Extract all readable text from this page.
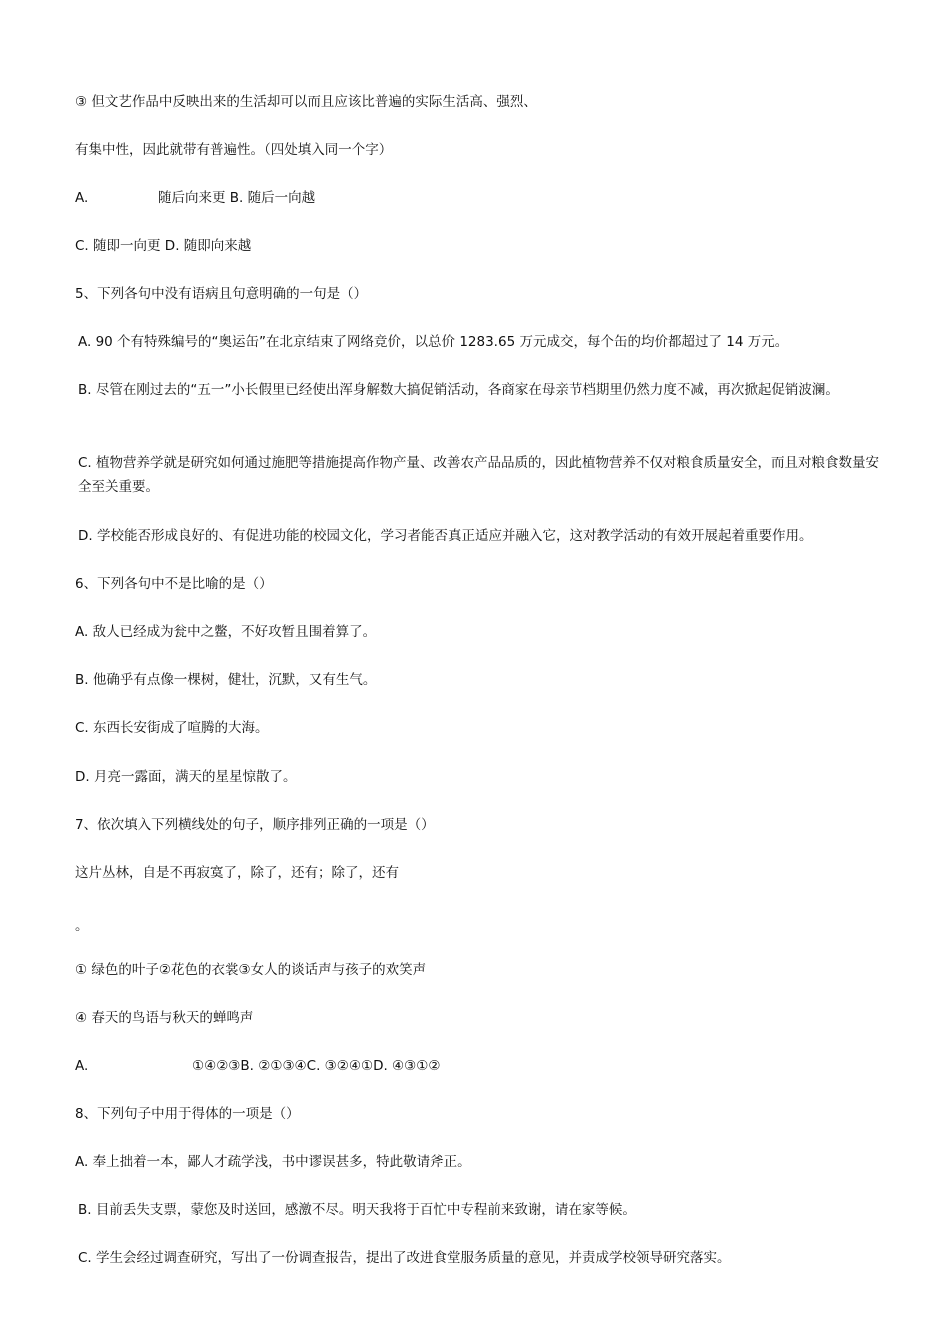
③ 但文艺作品中反映出来的生活却可以而且应该比普遍的实际生活高、强烈、
有集中性，因此就带有普遍性。（四处填入同一个字）
A.	随后向来更 B. 随后一向越
C. 随即一向更 D. 随即向来越
5、下列各句中没有语病且句意明确的一句是（）
A. 90 个有特殊编号的“奥运缶”在北京结束了网络竞价，以总价 1283.65 万元成交，每个缶的均价都超过了 14 万元。
B. 尽管在刚过去的“五一”小长假里已经使出浑身解数大搞促销活动，各商家在母亲节档期里仍然力度不减，再次掀起促销波澜。
C. 植物营养学就是研究如何通过施肥等措施提高作物产量、改善农产品品质的，因此植物营养不仅对粮食质量安全，而且对粮食数量安全至关重要。
D. 学校能否形成良好的、有促进功能的校园文化，学习者能否真正适应并融入它，这对教学活动的有效开展起着重要作用。
6、下列各句中不是比喻的是（）
A. 敌人已经成为瓮中之鳖，不好攻暂且围着算了。
B. 他确乎有点像一棵树，健壮，沉默，又有生气。
C. 东西长安街成了喧腾的大海。
D. 月亮一露面，满天的星星惊散了。
7、依次填入下列横线处的句子，顺序排列正确的一项是（）
这片丛林，自是不再寂寞了，除了，还有；除了，还有
。
① 绿色的叶子②花色的衣裳③女人的谈话声与孩子的欢笑声
④ 春天的鸟语与秋天的蝉鸣声
A.	①④②③B. ②①③④C. ③②④①D. ④③①②
8、下列句子中用于得体的一项是（）
A. 奉上拙着一本，鄙人才疏学浅，书中谬误甚多，特此敬请斧正。
B. 目前丢失支票，蒙您及时送回，感激不尽。明天我将于百忙中专程前来致谢，请在家等候。
C. 学生会经过调查研究，写出了一份调查报告，提出了改进食堂服务质量的意见，并责成学校领导研究落实。
